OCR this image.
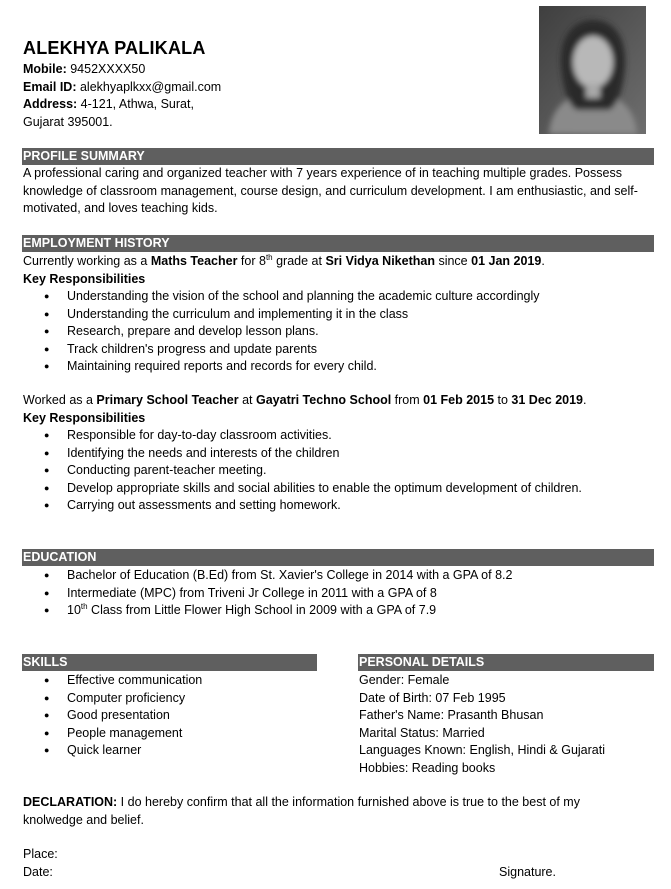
ALEKHYA PALIKALA
Mobile: 9452XXXX50
Email ID: alekhyaplkxx@gmail.com
Address: 4-121, Athwa, Surat,
Gujarat 395001.
PROFILE SUMMARY
A professional caring and organized teacher with 7 years experience of in teaching multiple grades. Possess knowledge of classroom management, course design, and curriculum development. I am enthusiastic, and self-motivated, and loves teaching kids.
EMPLOYMENT HISTORY
Currently working as a Maths Teacher for 8th grade at Sri Vidya Nikethan since 01 Jan 2019.
Key Responsibilities
● Understanding the vision of the school and planning the academic culture accordingly
● Understanding the curriculum and implementing it in the class
● Research, prepare and develop lesson plans.
● Track children's progress and update parents
● Maintaining required reports and records for every child.
Worked as a Primary School Teacher at Gayatri Techno School from 01 Feb 2015 to 31 Dec 2019.
Key Responsibilities
● Responsible for day-to-day classroom activities.
● Identifying the needs and interests of the children
● Conducting parent-teacher meeting.
● Develop appropriate skills and social abilities to enable the optimum development of children.
● Carrying out assessments and setting homework.
EDUCATION
● Bachelor of Education (B.Ed) from St. Xavier's College in 2014 with a GPA of 8.2
● Intermediate (MPC) from Triveni Jr College in 2011 with a GPA of 8
● 10th Class from Little Flower High School in 2009 with a GPA of 7.9
SKILLS
● Effective communication
● Computer proficiency
● Good presentation
● People management
● Quick learner
PERSONAL DETAILS
Gender: Female
Date of Birth: 07 Feb 1995
Father's Name: Prasanth Bhusan
Marital Status: Married
Languages Known: English, Hindi & Gujarati
Hobbies: Reading books
DECLARATION: I do hereby confirm that all the information furnished above is true to the best of my knolwedge and belief.
Place:
Date:	Signature.
